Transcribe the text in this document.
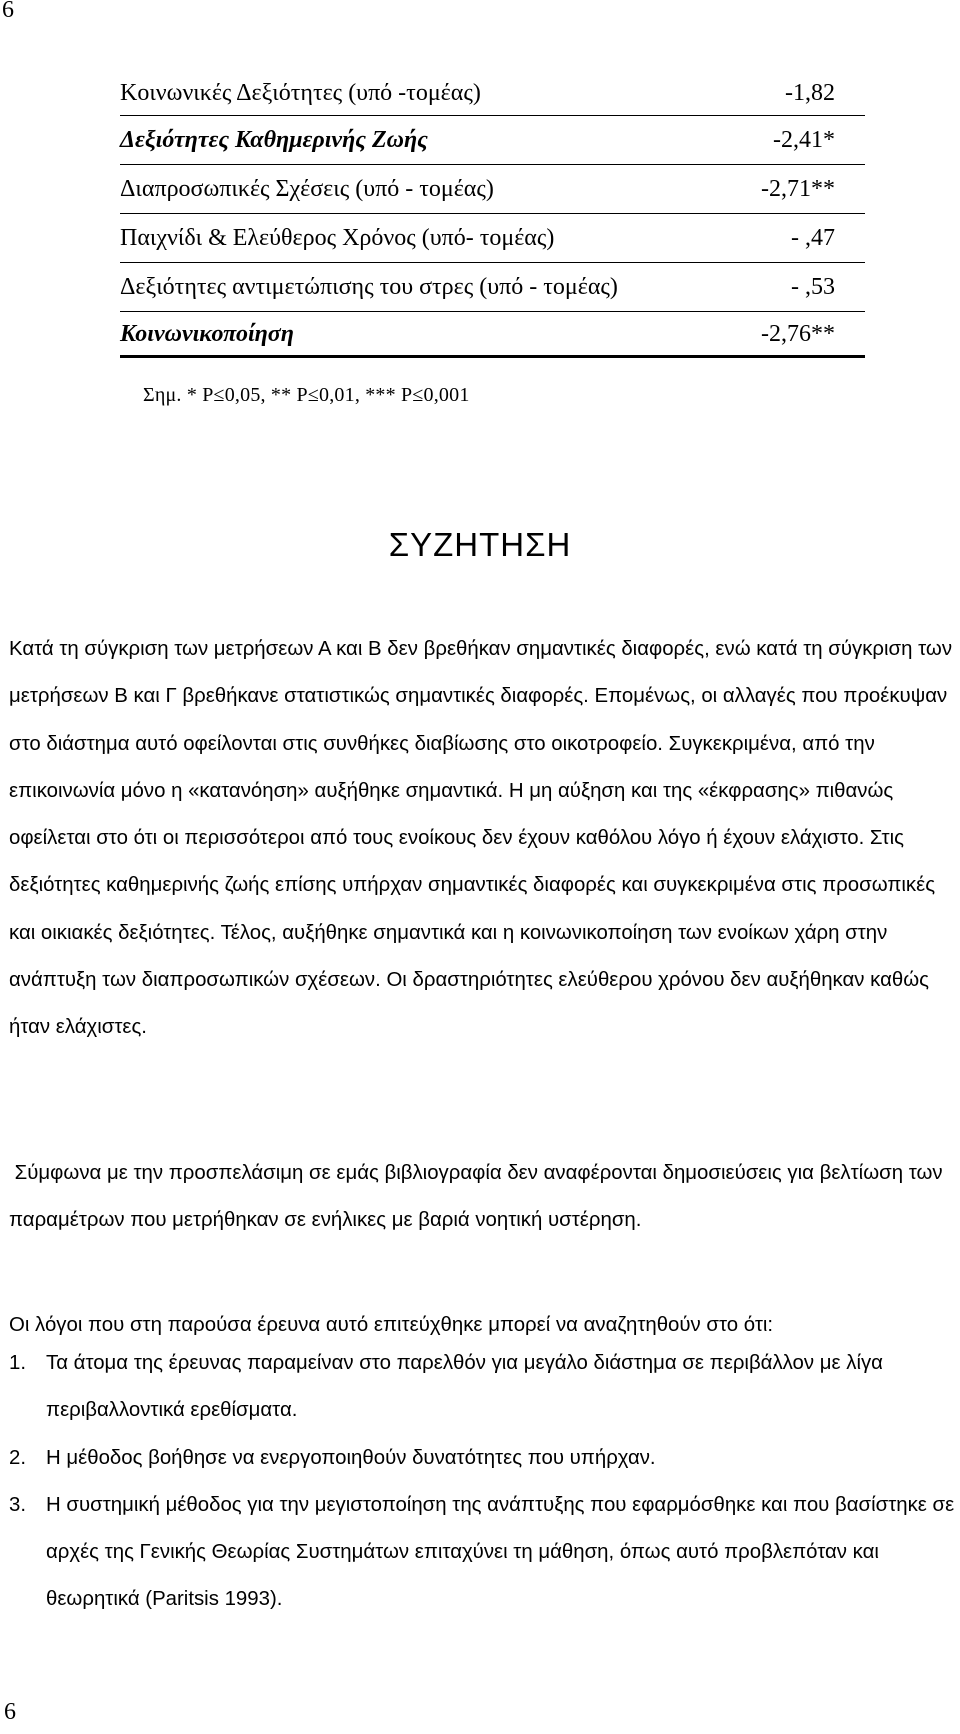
6
Κοινωνικές Δεξιότητες (υπό -τομέας)	-1,82
Δεξιότητες Καθημερινής Ζωής	-2,41*
Διαπροσωπικές Σχέσεις (υπό - τομέας)	-2,71**
Παιχνίδι & Ελεύθερος Χρόνος (υπό- τομέας)	- ,47
Δεξιότητες αντιμετώπισης του στρες (υπό - τομέας)	- ,53
Κοινωνικοποίηση	-2,76**
Σημ. * P≤0,05, ** P≤0,01, *** P≤0,001
ΣΥΖΗΤΗΣΗ

Κατά τη σύγκριση των μετρήσεων Α και Β δεν βρεθήκαν σημαντικές διαφορές, ενώ κατά τη σύγκριση των μετρήσεων Β και Γ βρεθήκανε στατιστικώς σημαντικές διαφορές. Επομένως, οι αλλαγές που προέκυψαν στο διάστημα αυτό οφείλονται στις συνθήκες διαβίωσης στο οικοτροφείο. Συγκεκριμένα, από την επικοινωνία μόνο η «κατανόηση» αυξήθηκε σημαντικά. Η μη αύξηση και της «έκφρασης» πιθανώς οφείλεται στο ότι οι περισσότεροι από τους ενοίκους δεν έχουν καθόλου λόγο ή έχουν ελάχιστο. Στις δεξιότητες καθημερινής ζωής επίσης υπήρχαν σημαντικές διαφορές και συγκεκριμένα στις προσωπικές και οικιακές δεξιότητες. Τέλος, αυξήθηκε σημαντικά και η κοινωνικοποίηση των ενοίκων χάρη στην ανάπτυξη των διαπροσωπικών σχέσεων. Οι δραστηριότητες ελεύθερου χρόνου δεν αυξήθηκαν καθώς ήταν ελάχιστες.

Σύμφωνα με την προσπελάσιμη σε εμάς βιβλιογραφία δεν αναφέρονται δημοσιεύσεις για βελτίωση των παραμέτρων που μετρήθηκαν σε ενήλικες με βαριά νοητική υστέρηση.

Οι λόγοι που στη παρούσα έρευνα αυτό επιτεύχθηκε μπορεί να αναζητηθούν στο ότι:
1. Τα άτομα της έρευνας παραμείναν στο παρελθόν για μεγάλο διάστημα σε περιβάλλον με λίγα περιβαλλοντικά ερεθίσματα.
2. Η μέθοδος βοήθησε να ενεργοποιηθούν δυνατότητες που υπήρχαν.
3. Η συστημική μέθοδος για την μεγιστοποίηση της ανάπτυξης που εφαρμόσθηκε και που βασίστηκε σε αρχές της Γενικής Θεωρίας Συστημάτων επιταχύνει τη μάθηση, όπως αυτό προβλεπόταν και θεωρητικά (Paritsis 1993).
6
